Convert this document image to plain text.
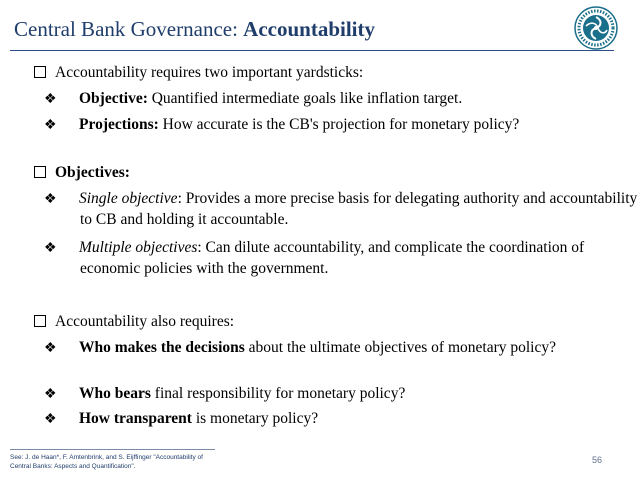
Central Bank Governance: Accountability
Accountability requires two important yardsticks:
❖ Objective: Quantified intermediate goals like inflation target.
❖ Projections: How accurate is the CB's projection for monetary policy?
Objectives:
❖ Single objective: Provides a more precise basis for delegating authority and accountability to CB and holding it accountable.
❖ Multiple objectives: Can dilute accountability, and complicate the coordination of economic policies with the government.
Accountability also requires:
❖ Who makes the decisions about the ultimate objectives of monetary policy?
❖ Who bears final responsibility for monetary policy?
❖ How transparent is monetary policy?
See: J. de Haan*, F. Amtenbrink, and S. Eijffinger "Accountability of
Central Banks: Aspects and Quantification".
56
